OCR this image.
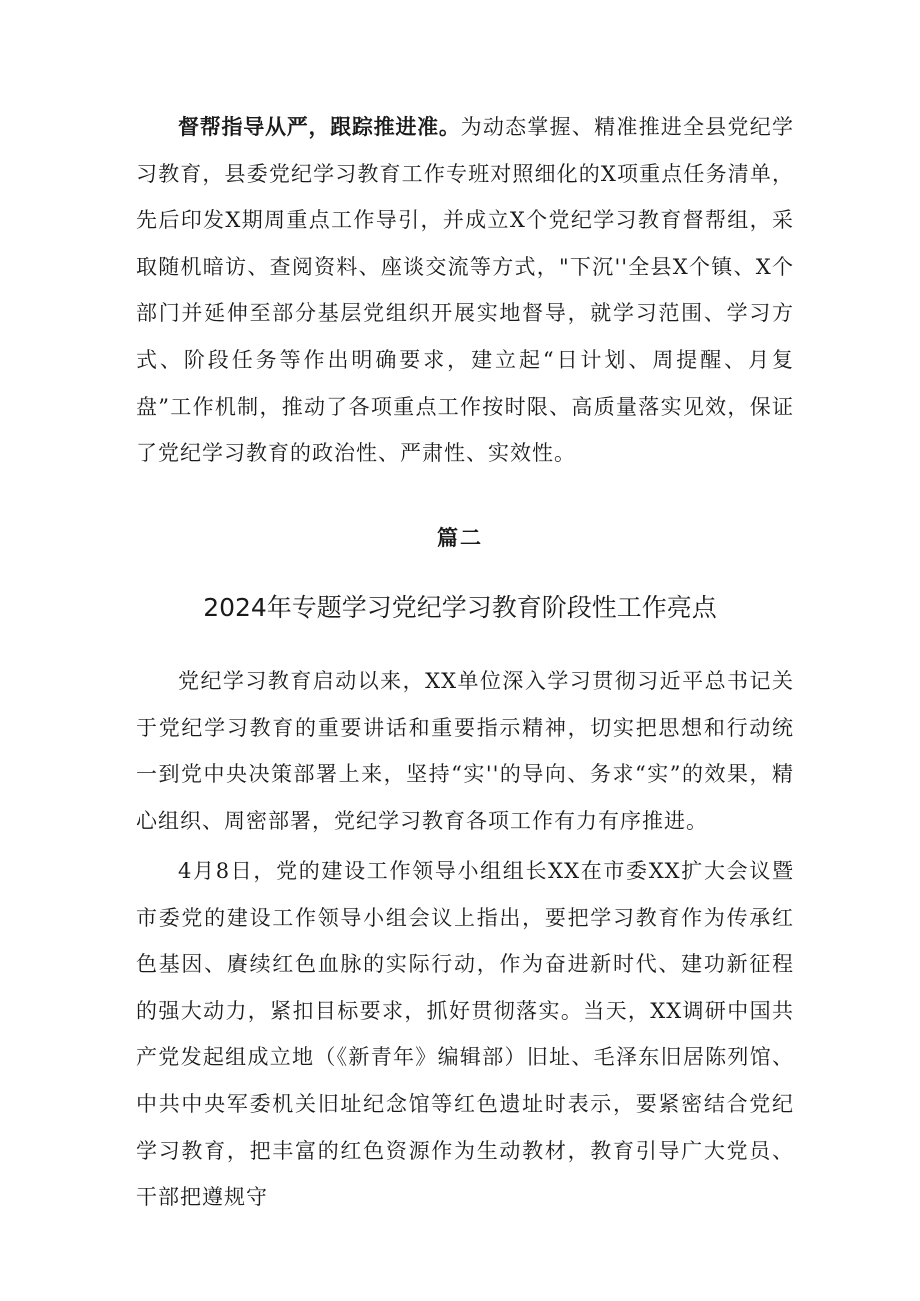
督帮指导从严，跟踪推进准。为动态掌握、精准推进全县党纪学习教育，县委党纪学习教育工作专班对照细化的X项重点任务清单，先后印发X期周重点工作导引，并成立X个党纪学习教育督帮组，采取随机暗访、查阅资料、座谈交流等方式，"下沉''全县X个镇、X个部门并延伸至部分基层党组织开展实地督导，就学习范围、学习方式、阶段任务等作出明确要求，建立起“日计划、周提醒、月复盘”工作机制，推动了各项重点工作按时限、高质量落实见效，保证了党纪学习教育的政治性、严肃性、实效性。

篇二
2024年专题学习党纪学习教育阶段性工作亮点

党纪学习教育启动以来，XX单位深入学习贯彻习近平总书记关于党纪学习教育的重要讲话和重要指示精神，切实把思想和行动统一到党中央决策部署上来，坚持“实''的导向、务求“实”的效果，精心组织、周密部署，党纪学习教育各项工作有力有序推进。

4月8日，党的建设工作领导小组组长XX在市委XX扩大会议暨市委党的建设工作领导小组会议上指出，要把学习教育作为传承红色基因、賡续红色血脉的实际行动，作为奋进新时代、建功新征程的强大动力，紧扣目标要求，抓好贯彻落实。当天，XX调研中国共产党发起组成立地（《新青年》编辑部）旧址、毛泽东旧居陈列馆、中共中央军委机关旧址纪念馆等红色遗址时表示，要紧密结合党纪学习教育，把丰富的红色资源作为生动教材，教育引导广大党员、干部把遵规守
